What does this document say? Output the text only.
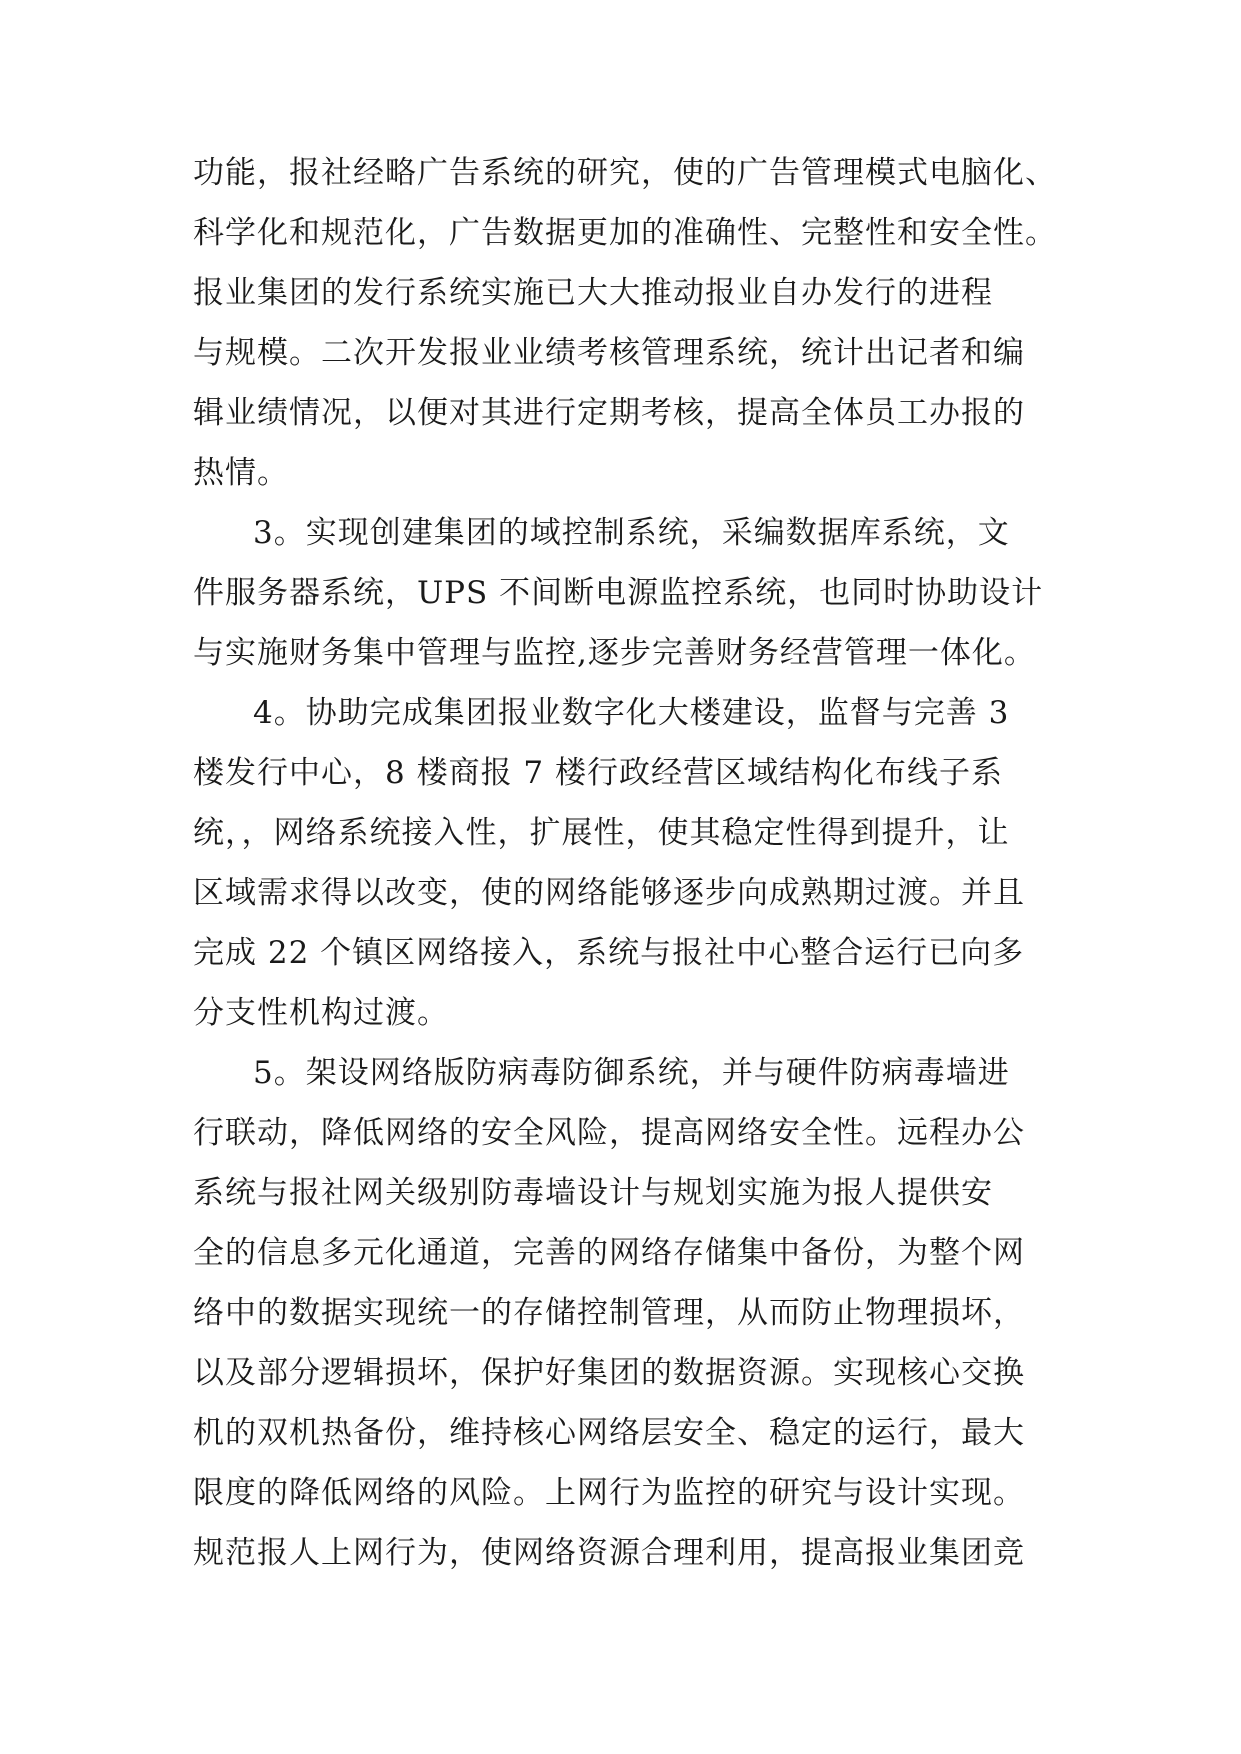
功能，报社经略广告系统的研究，使的广告管理模式电脑化、
科学化和规范化，广告数据更加的准确性、完整性和安全性。
报业集团的发行系统实施已大大推动报业自办发行的进程
与规模。二次开发报业业绩考核管理系统，统计出记者和编
辑业绩情况，以便对其进行定期考核，提高全体员工办报的
热情。
3。实现创建集团的域控制系统，采编数据库系统，文
件服务器系统，UPS 不间断电源监控系统，也同时协助设计
与实施财务集中管理与监控,逐步完善财务经营管理一体化。
4。协助完成集团报业数字化大楼建设，监督与完善 3
楼发行中心，8 楼商报 7 楼行政经营区域结构化布线子系
统，，网络系统接入性，扩展性，使其稳定性得到提升，让
区域需求得以改变，使的网络能够逐步向成熟期过渡。并且
完成 22 个镇区网络接入，系统与报社中心整合运行已向多
分支性机构过渡。
5。架设网络版防病毒防御系统，并与硬件防病毒墙进
行联动，降低网络的安全风险，提高网络安全性。远程办公
系统与报社网关级别防毒墙设计与规划实施为报人提供安
全的信息多元化通道，完善的网络存储集中备份，为整个网
络中的数据实现统一的存储控制管理，从而防止物理损坏，
以及部分逻辑损坏，保护好集团的数据资源。实现核心交换
机的双机热备份，维持核心网络层安全、稳定的运行，最大
限度的降低网络的风险。上网行为监控的研究与设计实现。
规范报人上网行为，使网络资源合理利用，提高报业集团竞
